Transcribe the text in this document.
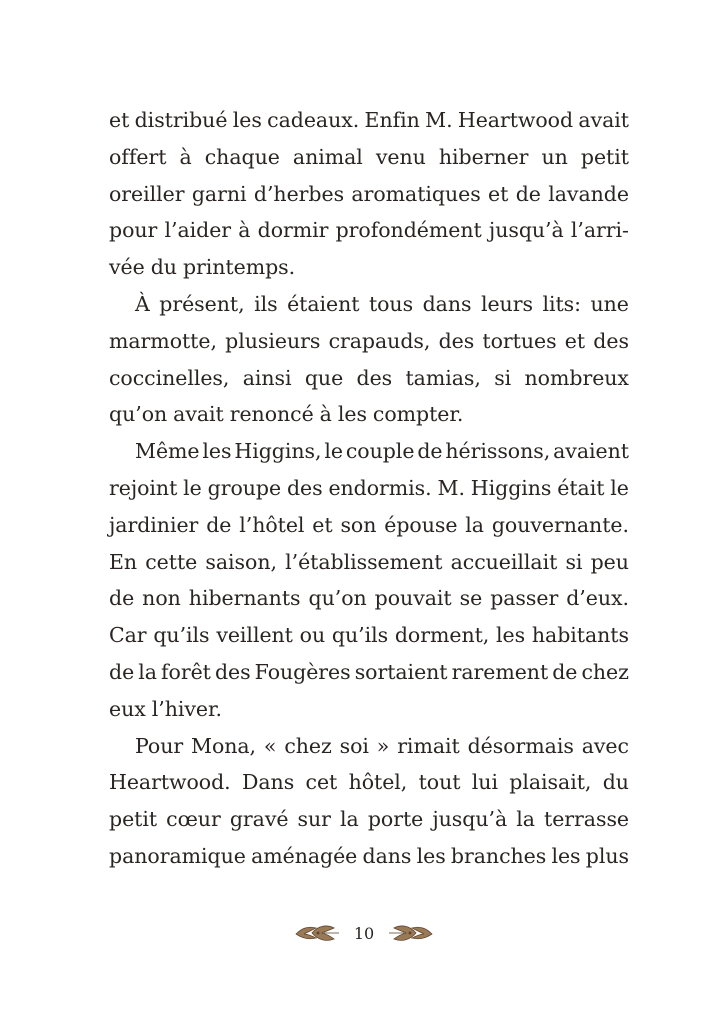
et distribué les cadeaux. Enfin M. Heartwood avait
offert à chaque animal venu hiberner un petit
oreiller garni d’herbes aromatiques et de lavande
pour l’aider à dormir profondément jusqu’à l’arri-
vée du printemps.
À présent, ils étaient tous dans leurs lits: une
marmotte, plusieurs crapauds, des tortues et des
coccinelles, ainsi que des tamias, si nombreux
qu’on avait renoncé à les compter.
Même les Higgins, le couple de hérissons, avaient
rejoint le groupe des endormis. M. Higgins était le
jardinier de l’hôtel et son épouse la gouvernante.
En cette saison, l’établissement accueillait si peu
de non hibernants qu’on pouvait se passer d’eux.
Car qu’ils veillent ou qu’ils dorment, les habitants
de la forêt des Fougères sortaient rarement de chez
eux l’hiver.
Pour Mona, « chez soi » rimait désormais avec
Heartwood. Dans cet hôtel, tout lui plaisait, du
petit cœur gravé sur la porte jusqu’à la terrasse
panoramique aménagée dans les branches les plus
10
